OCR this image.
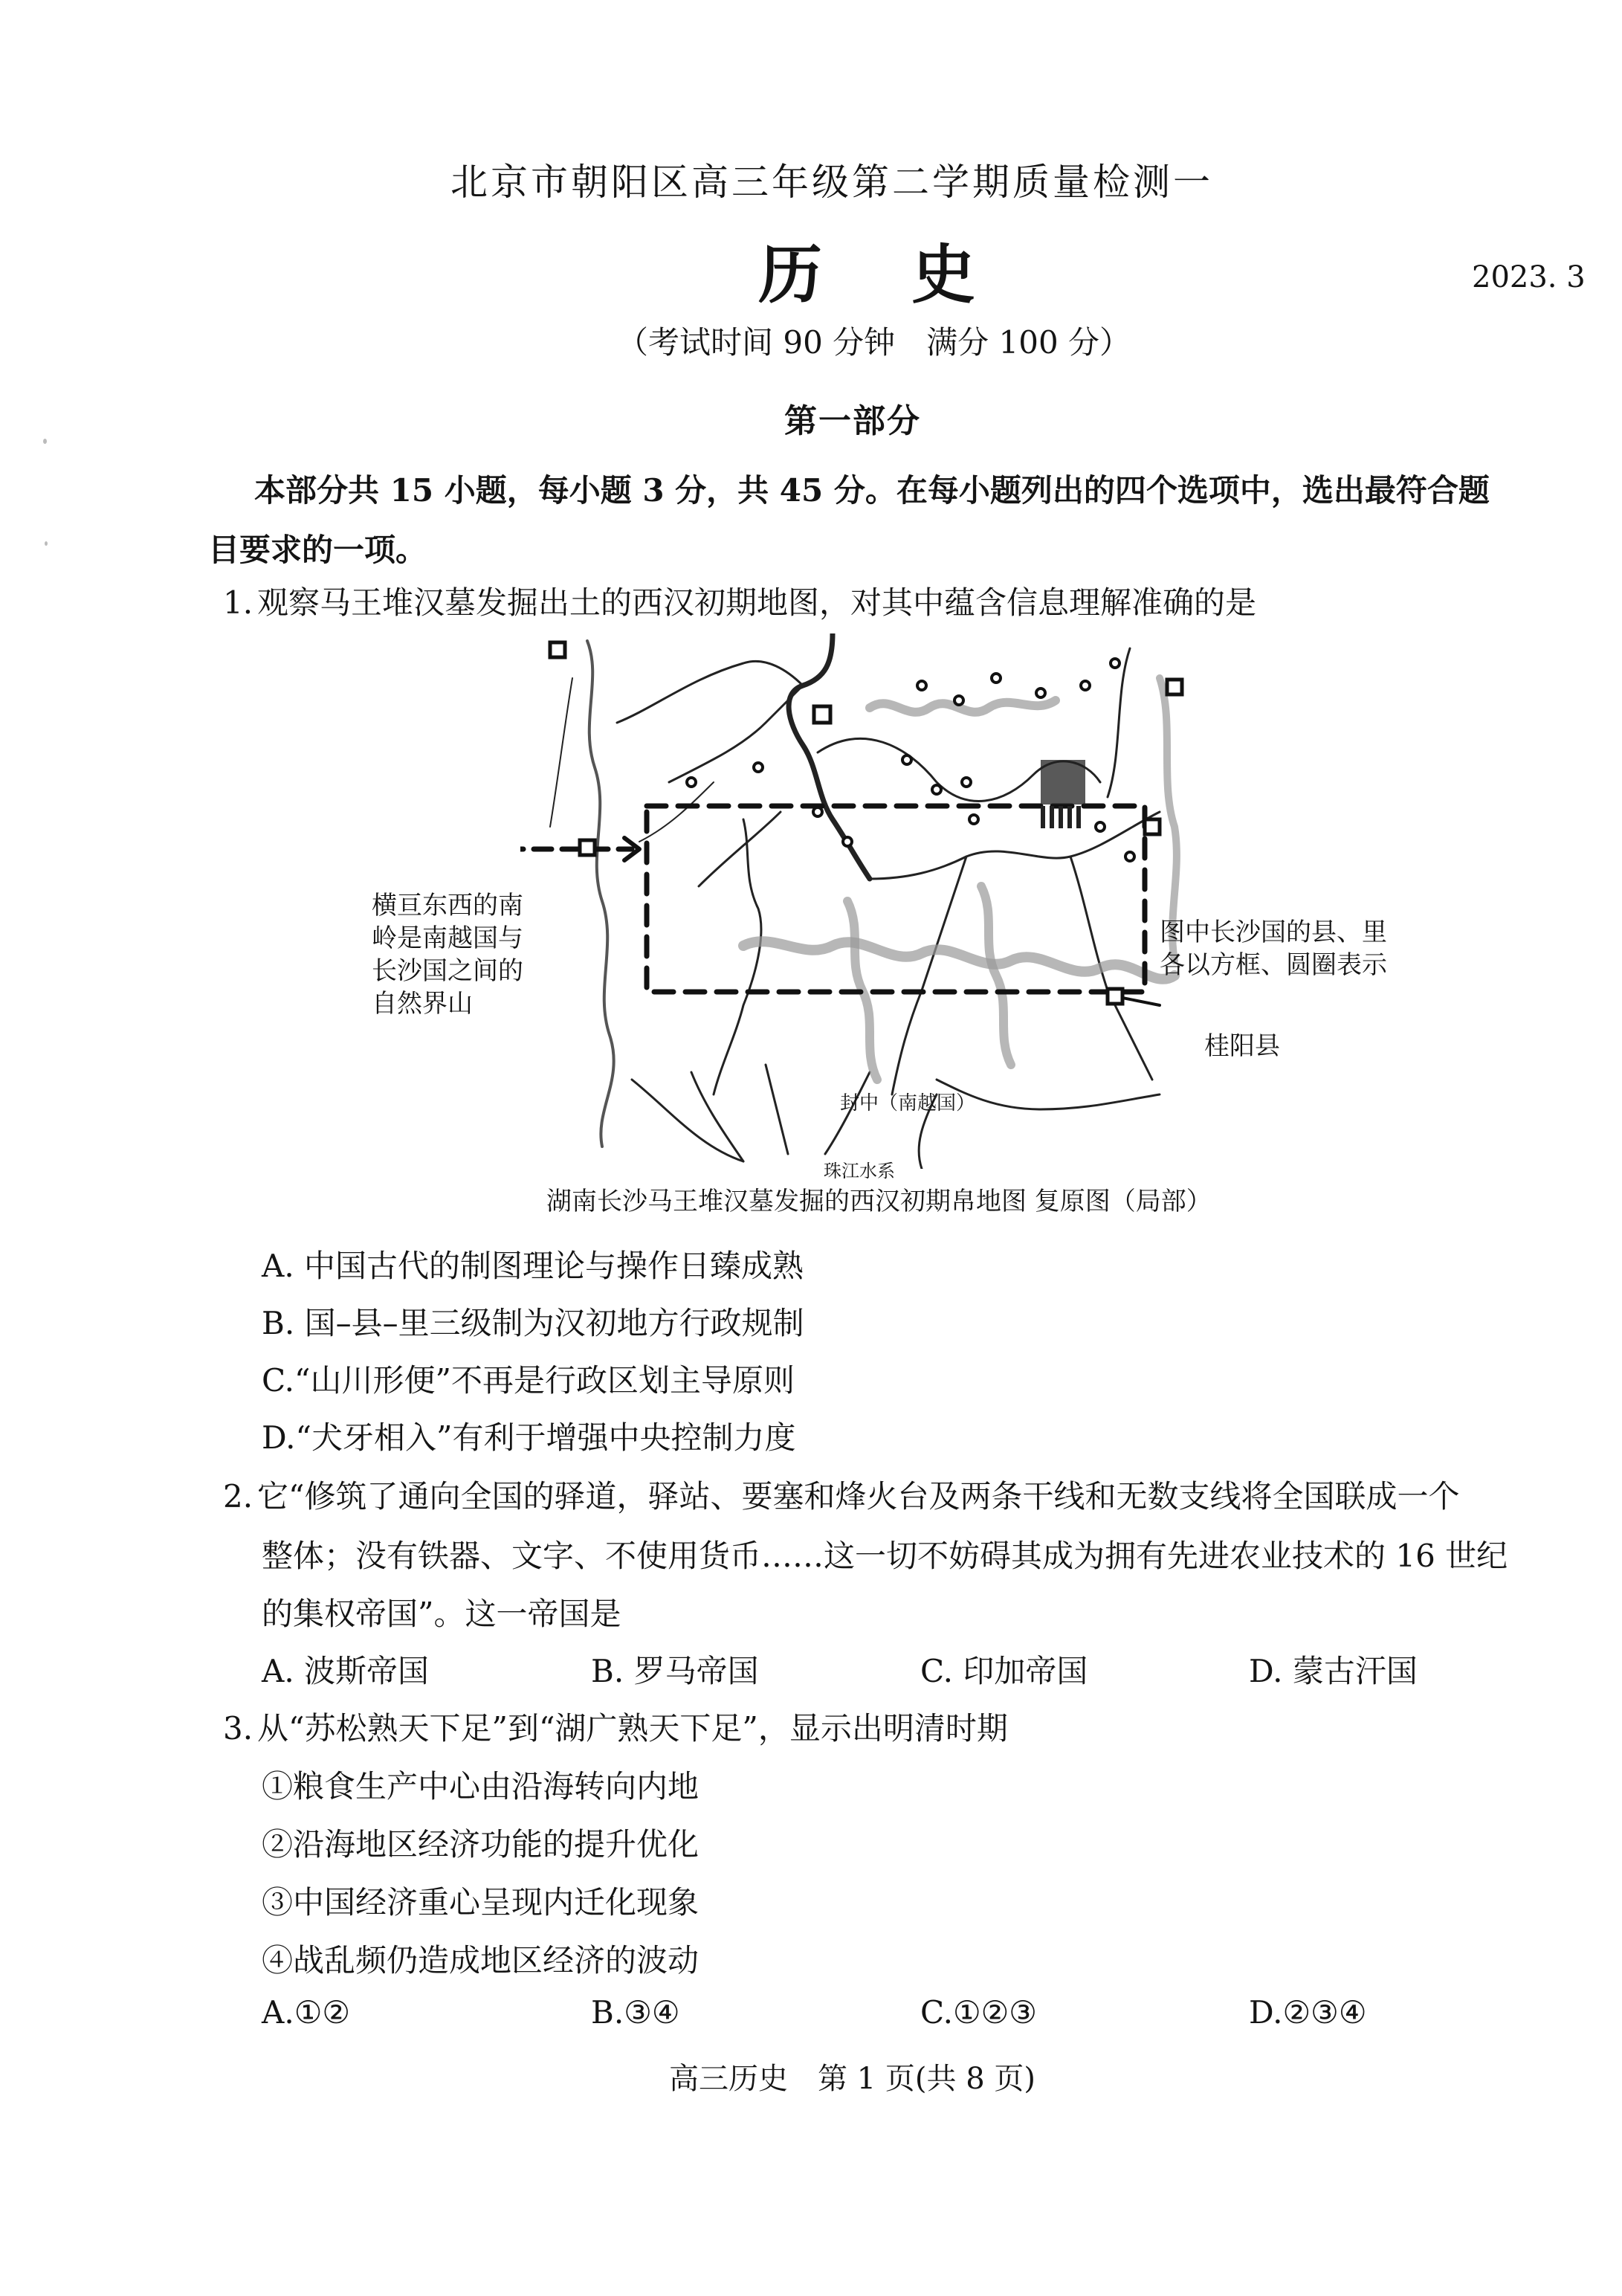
北京市朝阳区高三年级第二学期质量检测一
历 史	2023. 3
（考试时间 90 分钟　满分 100 分）
第一部分
本部分共 15 小题，每小题 3 分，共 45 分。在每小题列出的四个选项中，选出最符合题
目要求的一项。
1. 观察马王堆汉墓发掘出土的西汉初期地图，对其中蕴含信息理解准确的是
横亘东西的南
岭是南越国与
长沙国之间的
自然界山
图中长沙国的县、里
各以方框、圆圈表示
桂阳县
封中（南越国）
珠江水系
湖南长沙马王堆汉墓发掘的西汉初期帛地图 复原图（局部）
A. 中国古代的制图理论与操作日臻成熟
B. 国–县–里三级制为汉初地方行政规制
C.“山川形便”不再是行政区划主导原则
D.“犬牙相入”有利于增强中央控制力度
2. 它“修筑了通向全国的驿道，驿站、要塞和烽火台及两条干线和无数支线将全国联成一个
整体；没有铁器、文字、不使用货币……这一切不妨碍其成为拥有先进农业技术的 16 世纪
的集权帝国”。这一帝国是
A. 波斯帝国	B. 罗马帝国	C. 印加帝国	D. 蒙古汗国
3. 从“苏松熟天下足”到“湖广熟天下足”，显示出明清时期
①粮食生产中心由沿海转向内地
②沿海地区经济功能的提升优化
③中国经济重心呈现内迁化现象
④战乱频仍造成地区经济的波动
A.①②	B.③④	C.①②③	D.②③④
高三历史 第 1 页(共 8 页)
